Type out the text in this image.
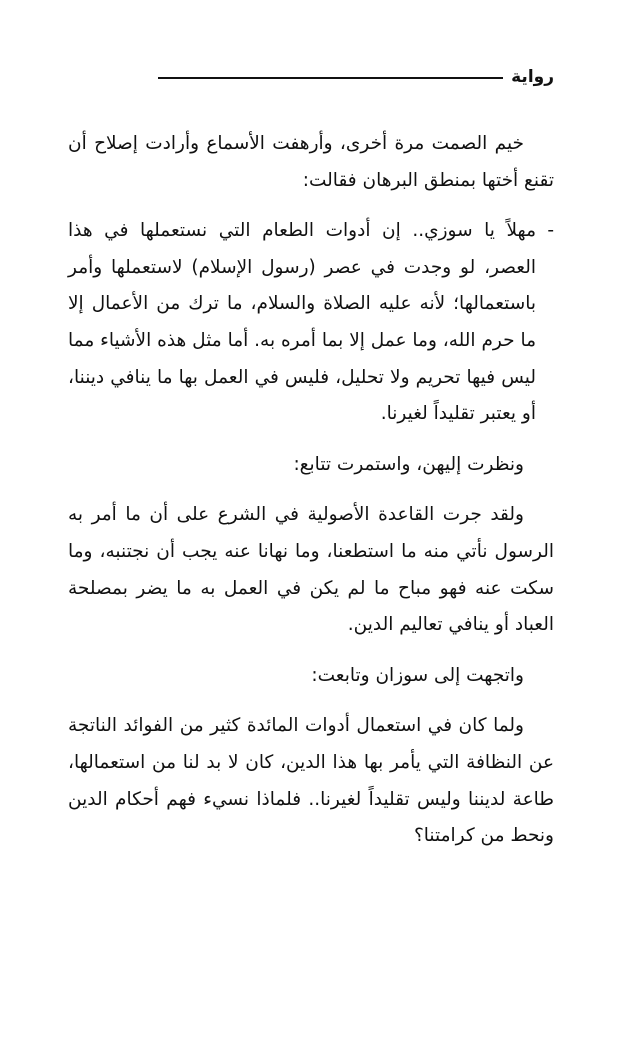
رواية

خيم الصمت مرة أخرى، وأرهفت الأسماع وأرادت إصلاح أن تقنع أختها بمنطق البرهان فقالت:

-
مهلاً يا سوزي.. إن أدوات الطعام التي نستعملها في هذا العصر، لو وجدت في عصر (رسول الإسلام) لاستعملها وأمر باستعمالها؛ لأنه عليه الصلاة والسلام، ما ترك من الأعمال إلا ما حرم الله، وما عمل إلا بما أمره به. أما مثل هذه الأشياء مما ليس فيها تحريم ولا تحليل، فليس في العمل بها ما ينافي ديننا، أو يعتبر تقليداً لغيرنا.

ونظرت إليهن، واستمرت تتابع:

ولقد جرت القاعدة الأصولية في الشرع على أن ما أمر به الرسول نأتي منه ما استطعنا، وما نهانا عنه يجب أن نجتنبه، وما سكت عنه فهو مباح ما لم يكن في العمل به ما يضر بمصلحة العباد أو ينافي تعاليم الدين.

واتجهت إلى سوزان وتابعت:

ولما كان في استعمال أدوات المائدة كثير من الفوائد الناتجة عن النظافة التي يأمر بها هذا الدين، كان لا بد لنا من استعمالها، طاعة لديننا وليس تقليداً لغيرنا.. فلماذا نسيء فهم أحكام الدين ونحط من كرامتنا؟
